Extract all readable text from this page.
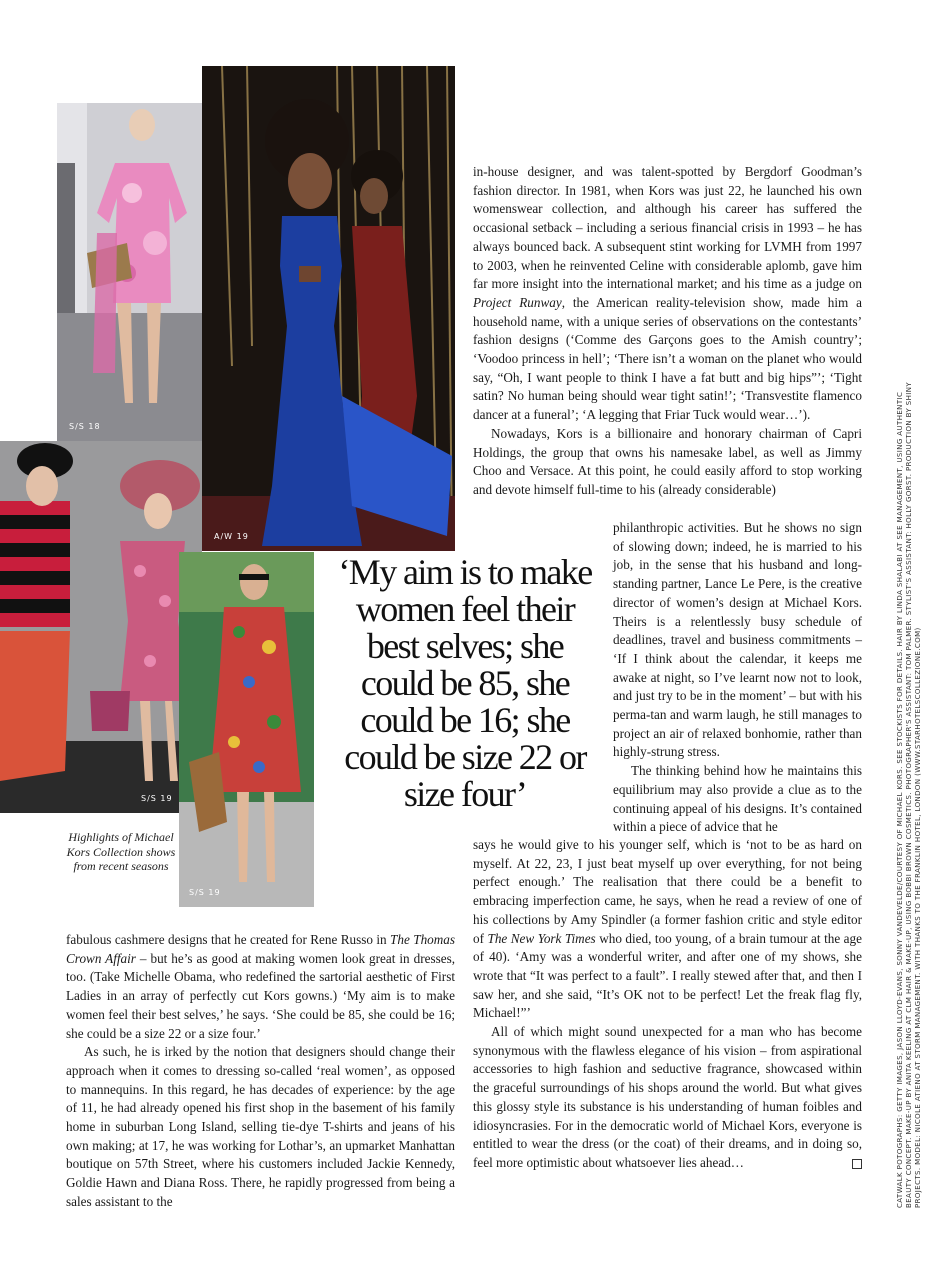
S/S 18
A/W 19
S/S 19
S/S 19
Highlights of Michael Kors Collection shows from recent seasons
‘My aim is to make women feel their best selves; she could be 85, she could be 16; she could be size 22 or size four’

in-house designer, and was talent-spotted by Bergdorf Goodman’s fashion director. In 1981, when Kors was just 22, he launched his own womenswear collection, and although his career has suffered the occasional setback – including a serious financial crisis in 1993 – he has always bounced back. A subsequent stint working for LVMH from 1997 to 2003, when he reinvented Celine with considerable aplomb, gave him far more insight into the international market; and his time as a judge on Project Runway, the American reality-television show, made him a household name, with a unique series of observations on the contestants’ fashion designs (‘Comme des Garçons goes to the Amish country’; ‘Voodoo princess in hell’; ‘There isn’t a woman on the planet who would say, “Oh, I want people to think I have a fat butt and big hips”’; ‘Tight satin? No human being should wear tight satin!’; ‘Transvestite flamenco dancer at a funeral’; ‘A legging that Friar Tuck would wear…’).

Nowadays, Kors is a billionaire and honorary chairman of Capri Holdings, the group that owns his namesake label, as well as Jimmy Choo and Versace. At this point, he could easily afford to stop working and devote himself full-time to his (already considerable)

philanthropic activities. But he shows no sign of slowing down; indeed, he is married to his job, in the sense that his husband and long-standing partner, Lance Le Pere, is the creative director of women’s design at Michael Kors. Theirs is a relentlessly busy schedule of deadlines, travel and business commitments – ‘If I think about the calendar, it keeps me awake at night, so I’ve learnt now not to look, and just try to be in the moment’ – but with his perma-tan and warm laugh, he still manages to project an air of relaxed bonhomie, rather than highly-strung stress.

The thinking behind how he maintains this equilibrium may also provide a clue as to the continuing appeal of his designs. It’s contained within a piece of advice that he

says he would give to his younger self, which is ‘not to be as hard on myself. At 22, 23, I just beat myself up over everything, for not being perfect enough.’ The realisation that there could be a benefit to embracing imperfection came, he says, when he read a review of one of his collections by Amy Spindler (a former fashion critic and style editor of The New York Times who died, too young, of a brain tumour at the age of 40). ‘Amy was a wonderful writer, and after one of my shows, she wrote that “It was perfect to a fault”. I really stewed after that, and then I saw her, and she said, “It’s OK not to be perfect! Let the freak flag fly, Michael!”’

All of which might sound unexpected for a man who has become synonymous with the flawless elegance of his vision – from aspirational accessories to high fashion and seductive fragrance, showcased within the graceful surroundings of his shops around the world. But what gives this glossy style its substance is his understanding of human foibles and idiosyncrasies. For in the democratic world of Michael Kors, everyone is entitled to wear the dress (or the coat) of their dreams, and in doing so, feel more optimistic about whatsoever lies ahead…

fabulous cashmere designs that he created for Rene Russo in The Thomas Crown Affair – but he’s as good at making women look great in dresses, too. (Take Michelle Obama, who redefined the sartorial aesthetic of First Ladies in an array of perfectly cut Kors gowns.) ‘My aim is to make women feel their best selves,’ he says. ‘She could be 85, she could be 16; she could be a size 22 or a size four.’

As such, he is irked by the notion that designers should change their approach when it comes to dressing so-called ‘real women’, as opposed to mannequins. In this regard, he has decades of experience: by the age of 11, he had already opened his first shop in the basement of his family home in suburban Long Island, selling tie-dye T-shirts and jeans of his own making; at 17, he was working for Lothar’s, an upmarket Manhattan boutique on 57th Street, where his customers included Jackie Kennedy, Goldie Hawn and Diana Ross. There, he rapidly progressed from being a sales assistant to the	CATWALK POTOGRAPHS: GETTY IMAGES, JASON LLOYD-EVANS, SONNY VANDEVELDE/COURTESY OF MICHAEL KORS. SEE STOCKISTS FOR DETAILS. HAIR BY LINDA SHALABI AT SEE MANAGEMENT, USING AUTHENTIC BEAUTY CONCEPT. MAKE-UP BY ANITA KEELING AT CLM HAIR & MAKE-UP, USING BOBBI BROWN COSMETICS. PHOTOGRAPHER'S ASSISTANT: TOM PALMER. STYLIST'S ASSISTANT: HOLLY GORST. PRODUCTION BY SHINY PROJECTS. MODEL: NICOLE ATIENO AT STORM MANAGEMENT. WITH THANKS TO THE FRANKLIN HOTEL, LONDON (WWW.STARHOTELSCOLLEZIONE.COM)
